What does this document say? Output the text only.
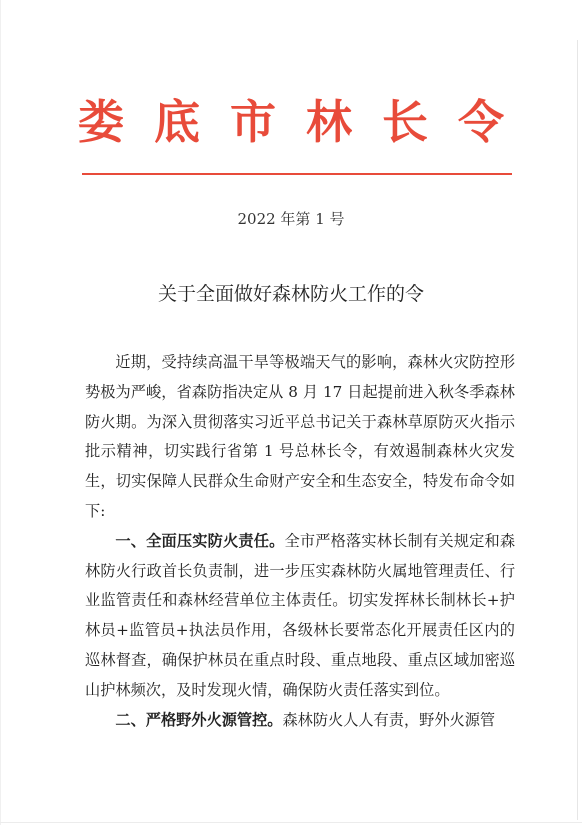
娄底市林长令
2022 年第 1 号
关于全面做好森林防火工作的令

近期，受持续高温干旱等极端天气的影响，森林火灾防控形势极为严峻，省森防指决定从 8 月 17 日起提前进入秋冬季森林防火期。为深入贯彻落实习近平总书记关于森林草原防灭火指示批示精神，切实践行省第 1 号总林长令，有效遏制森林火灾发生，切实保障人民群众生命财产安全和生态安全，特发布命令如下:

一、全面压实防火责任。全市严格落实林长制有关规定和森林防火行政首长负责制，进一步压实森林防火属地管理责任、行业监管责任和森林经营单位主体责任。切实发挥林长制林长+护林员+监管员+执法员作用，各级林长要常态化开展责任区内的巡林督查，确保护林员在重点时段、重点地段、重点区域加密巡山护林频次，及时发现火情，确保防火责任落实到位。

二、严格野外火源管控。森林防火人人有责，野外火源管
